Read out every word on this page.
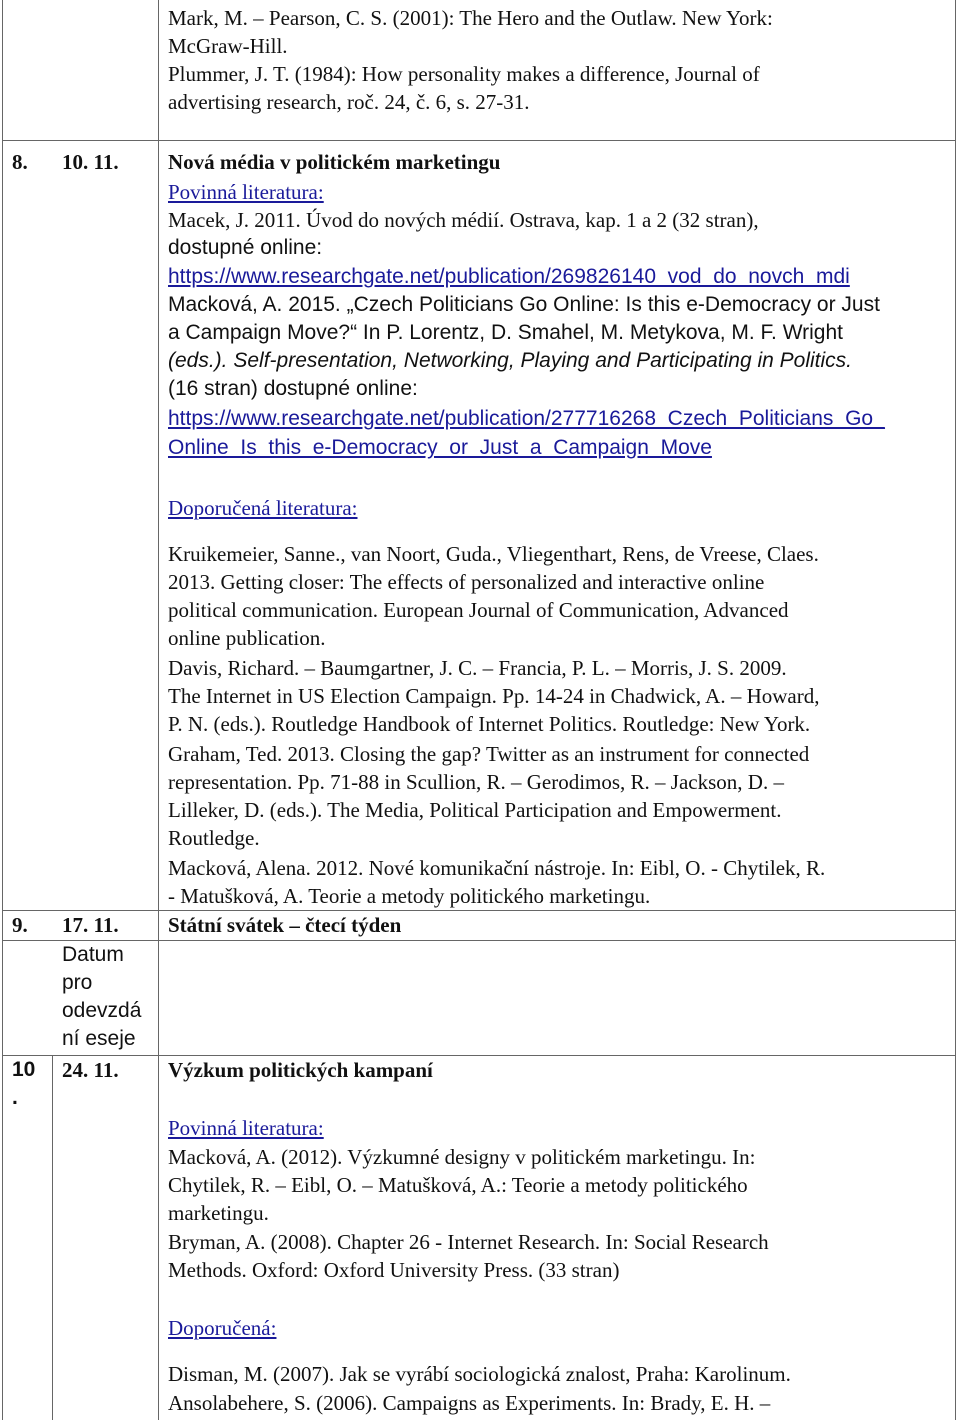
Mark, M. – Pearson, C. S. (2001): The Hero and the Outlaw. New York:
McGraw-Hill.
Plummer, J. T. (1984): How personality makes a difference, Journal of
advertising research, roč. 24, č. 6, s. 27-31.
8. 10. 11. Nová média v politickém marketingu
Povinná literatura:
Macek, J. 2011. Úvod do nových médií. Ostrava, kap. 1 a 2 (32 stran),
dostupné online:
https://www.researchgate.net/publication/269826140_vod_do_novch_mdi
Macková, A. 2015. „Czech Politicians Go Online: Is this e-Democracy or Just
a Campaign Move?“ In P. Lorentz, D. Smahel, M. Metykova, M. F. Wright
(eds.). Self-presentation, Networking, Playing and Participating in Politics.
(16 stran) dostupné online:
https://www.researchgate.net/publication/277716268_Czech_Politicians_Go_
Online_Is_this_e-Democracy_or_Just_a_Campaign_Move
Doporučená literatura:
Kruikemeier, Sanne., van Noort, Guda., Vliegenthart, Rens, de Vreese, Claes.
2013. Getting closer: The effects of personalized and interactive online
political communication. European Journal of Communication, Advanced
online publication.
Davis, Richard. – Baumgartner, J. C. – Francia, P. L. – Morris, J. S. 2009.
The Internet in US Election Campaign. Pp. 14-24 in Chadwick, A. – Howard,
P. N. (eds.). Routledge Handbook of Internet Politics. Routledge: New York.
Graham, Ted. 2013. Closing the gap? Twitter as an instrument for connected
representation. Pp. 71-88 in Scullion, R. – Gerodimos, R. – Jackson, D. –
Lilleker, D. (eds.). The Media, Political Participation and Empowerment.
Routledge.
Macková, Alena. 2012. Nové komunikační nástroje. In: Eibl, O. - Chytilek, R.
- Matušková, A. Teorie a metody politického marketingu.
9. 17. 11. Státní svátek – čtecí týden
Datum
pro
odevzdá
ní eseje
10
.
24. 11. Výzkum politických kampaní
Povinná literatura:
Macková, A. (2012). Výzkumné designy v politickém marketingu. In:
Chytilek, R. – Eibl, O. – Matušková, A.: Teorie a metody politického
marketingu.
Bryman, A. (2008). Chapter 26 - Internet Research. In: Social Research
Methods. Oxford: Oxford University Press. (33 stran)
Doporučená:
Disman, M. (2007). Jak se vyrábí sociologická znalost, Praha: Karolinum.
Ansolabehere, S. (2006). Campaigns as Experiments. In: Brady, E. H. –
